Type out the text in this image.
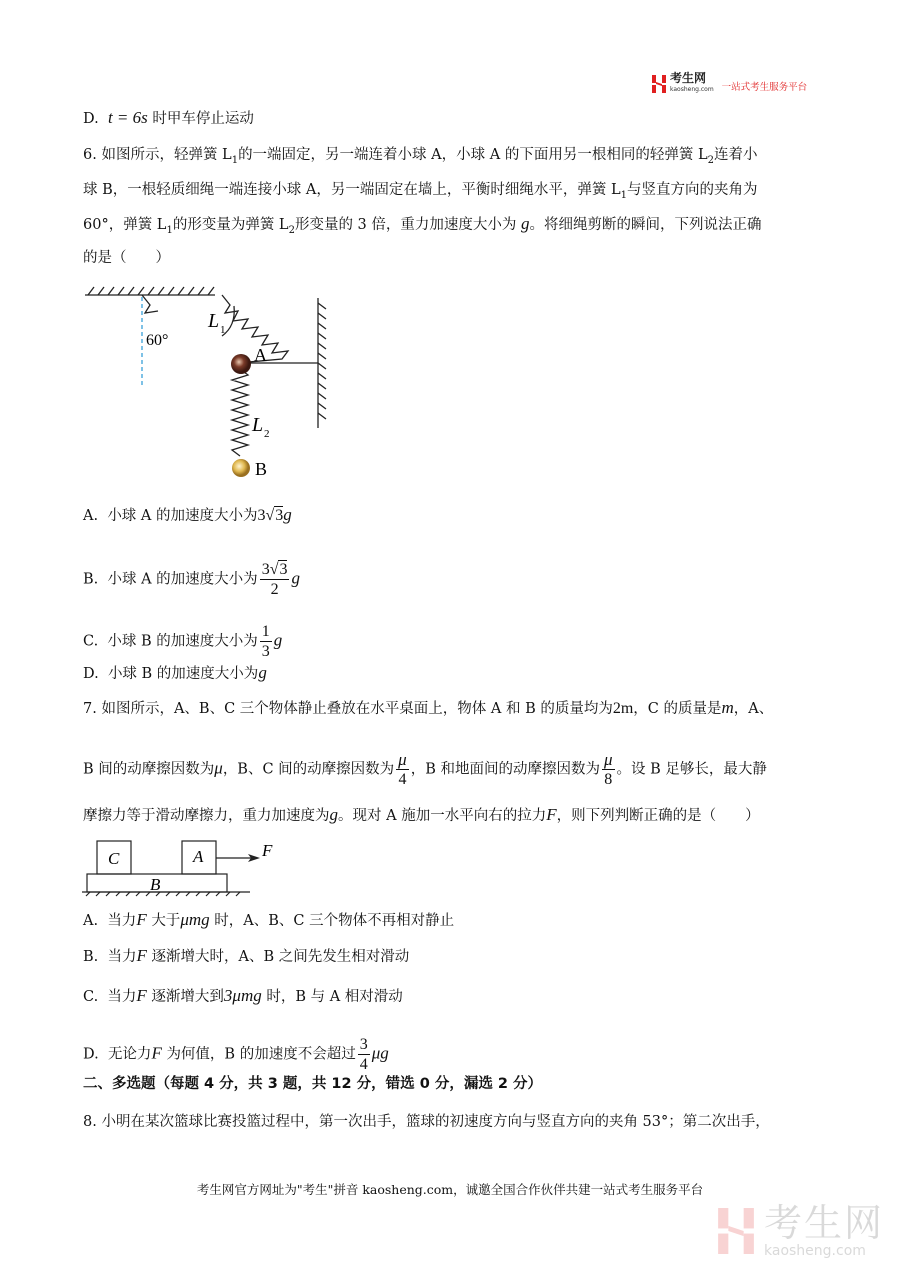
考生网
kaosheng.com 一站式考生服务平台
D. t = 6s 时甲车停止运动
6. 如图所示，轻弹簧 $L_1$的一端固定，另一端连着小球 A，小球 A 的下面用另一根相同的轻弹簧 $L_2$连着小
球 B，一根轻质细绳一端连接小球 A，另一端固定在墙上，平衡时细绳水平，弹簧 $L_1$与竖直方向的夹角为
60°，弹簧 $L_1$的形变量为弹簧 $L_2$形变量的 3 倍，重力加速度大小为 g。将细绳剪断的瞬间，下列说法正确
的是（　　）
60°
L 1
A
L 2
B
A. 小球 A 的加速度大小为3√3g
B. 小球 A 的加速度大小为 $\frac{3√3}{2}$ g
C. 小球 B 的加速度大小为 $\frac{1}{3}$ g
D. 小球 B 的加速度大小为g
7. 如图所示，A、B、C 三个物体静止叠放在水平桌面上，物体 A 和 B 的质量均为2m，C 的质量是m，A、
B 间的动摩擦因数为μ，B、C 间的动摩擦因数为 $\frac{\mu}{4}$ ，B 和地面间的动摩擦因数为 $\frac{\mu}{8}$ 。设 B 足够长，最大静
摩擦力等于滑动摩擦力，重力加速度为g。现对 A 施加一水平向右的拉力F，则下列判断正确的是（　　）
C	A
B
F
A. 当力F 大于μmg 时，A、B、C 三个物体不再相对静止
B. 当力F 逐渐增大时，A、B 之间先发生相对滑动
C. 当力F 逐渐增大到3μmg 时，B 与 A 相对滑动
D. 无论力F 为何值，B 的加速度不会超过 $\frac{3}{4}$ μg
二、多选题（每题 4 分，共 3 题，共 12 分，错选 0 分，漏选 2 分）
8. 小明在某次篮球比赛投篮过程中，第一次出手，篮球的初速度方向与竖直方向的夹角 53°；第二次出手，
考生网官方网址为"考生"拼音 kaosheng.com，诚邀全国合作伙伴共建一站式考生服务平台
考生网
kaosheng.com
